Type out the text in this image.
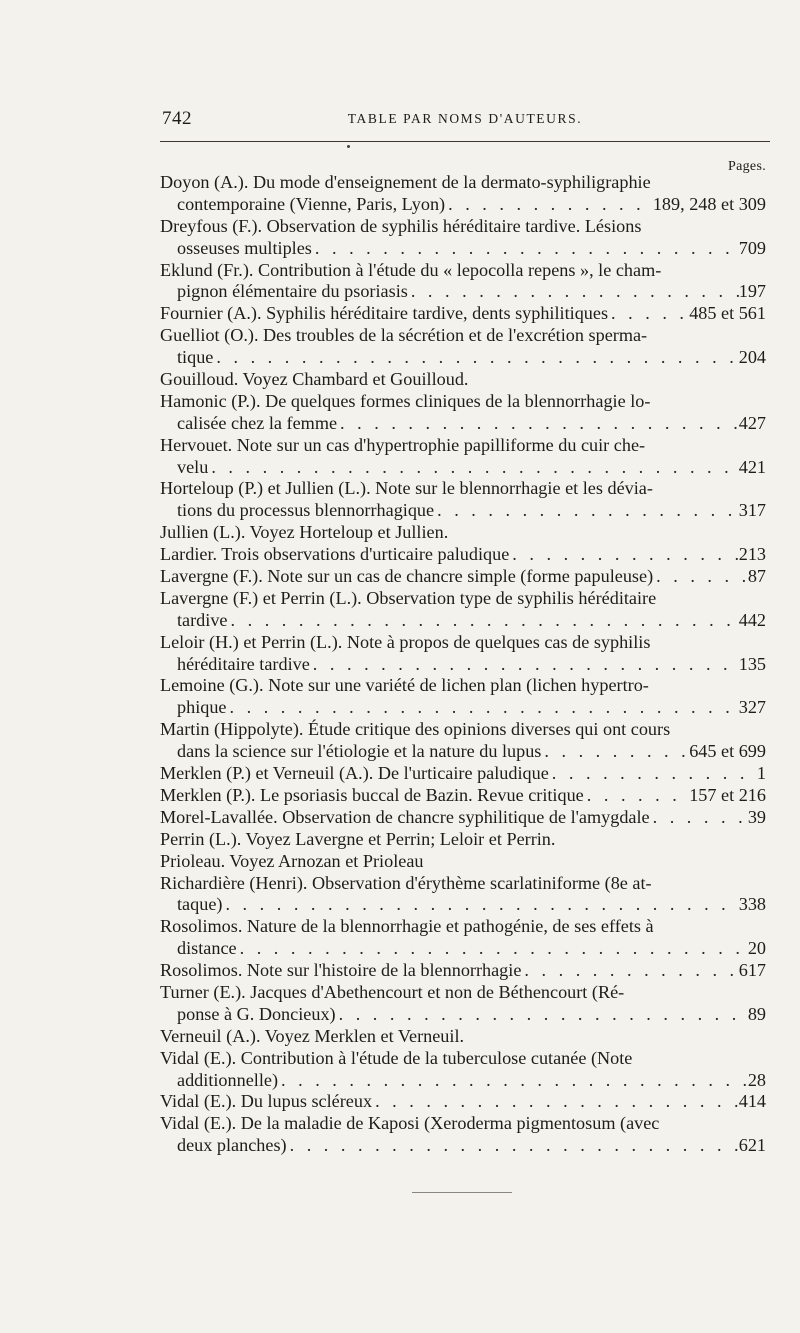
742	TABLE PAR NOMS D'AUTEURS.
Pages.
Doyon (A.). Du mode d'enseignement de la dermato-syphiligraphie
contemporaine (Vienne, Paris, Lyon) . . .	189, 248 et 309
Dreyfous (F.). Observation de syphilis héréditaire tardive. Lésions
osseuses multiples . . .	709
Eklund (Fr.). Contribution à l'étude du « lepocolla repens », le cham-
pignon élémentaire du psoriasis . . .	197
Fournier (A.). Syphilis héréditaire tardive, dents syphilitiques . . .	485 et 561
Guelliot (O.). Des troubles de la sécrétion et de l'excrétion sperma-
tique . . .	204
Gouilloud. Voyez Chambard et Gouilloud.
Hamonic (P.). De quelques formes cliniques de la blennorrhagie lo-
calisée chez la femme . . .	427
Hervouet. Note sur un cas d'hypertrophie papilliforme du cuir che-
velu . . .	421
Horteloup (P.) et Jullien (L.). Note sur le blennorrhagie et les dévia-
tions du processus blennorrhagique . . .	317
Jullien (L.). Voyez Horteloup et Jullien.
Lardier. Trois observations d'urticaire paludique . . .	213
Lavergne (F.). Note sur un cas de chancre simple (forme papuleuse) . . .	87
Lavergne (F.) et Perrin (L.). Observation type de syphilis héréditaire
tardive . . .	442
Leloir (H.) et Perrin (L.). Note à propos de quelques cas de syphilis
héréditaire tardive . . .	135
Lemoine (G.). Note sur une variété de lichen plan (lichen hypertro-
phique . . .	327
Martin (Hippolyte). Étude critique des opinions diverses qui ont cours
dans la science sur l'étiologie et la nature du lupus . . .	645 et 699
Merklen (P.) et Verneuil (A.). De l'urticaire paludique . . .	1
Merklen (P.). Le psoriasis buccal de Bazin. Revue critique . . .	157 et 216
Morel-Lavallée. Observation de chancre syphilitique de l'amygdale . . .	39
Perrin (L.). Voyez Lavergne et Perrin; Leloir et Perrin.
Prioleau. Voyez Arnozan et Prioleau
Richardière (Henri). Observation d'érythème scarlatiniforme (8e at-
taque) . . .	338
Rosolimos. Nature de la blennorrhagie et pathogénie, de ses effets à
distance . . .	20
Rosolimos. Note sur l'histoire de la blennorrhagie . . .	617
Turner (E.). Jacques d'Abethencourt et non de Béthencourt (Ré-
ponse à G. Doncieux) . . .	89
Verneuil (A.). Voyez Merklen et Verneuil.
Vidal (E.). Contribution à l'étude de la tuberculose cutanée (Note
additionnelle) . . .	28
Vidal (E.). Du lupus scléreux . . .	414
Vidal (E.). De la maladie de Kaposi (Xeroderma pigmentosum (avec
deux planches) . . .	621
